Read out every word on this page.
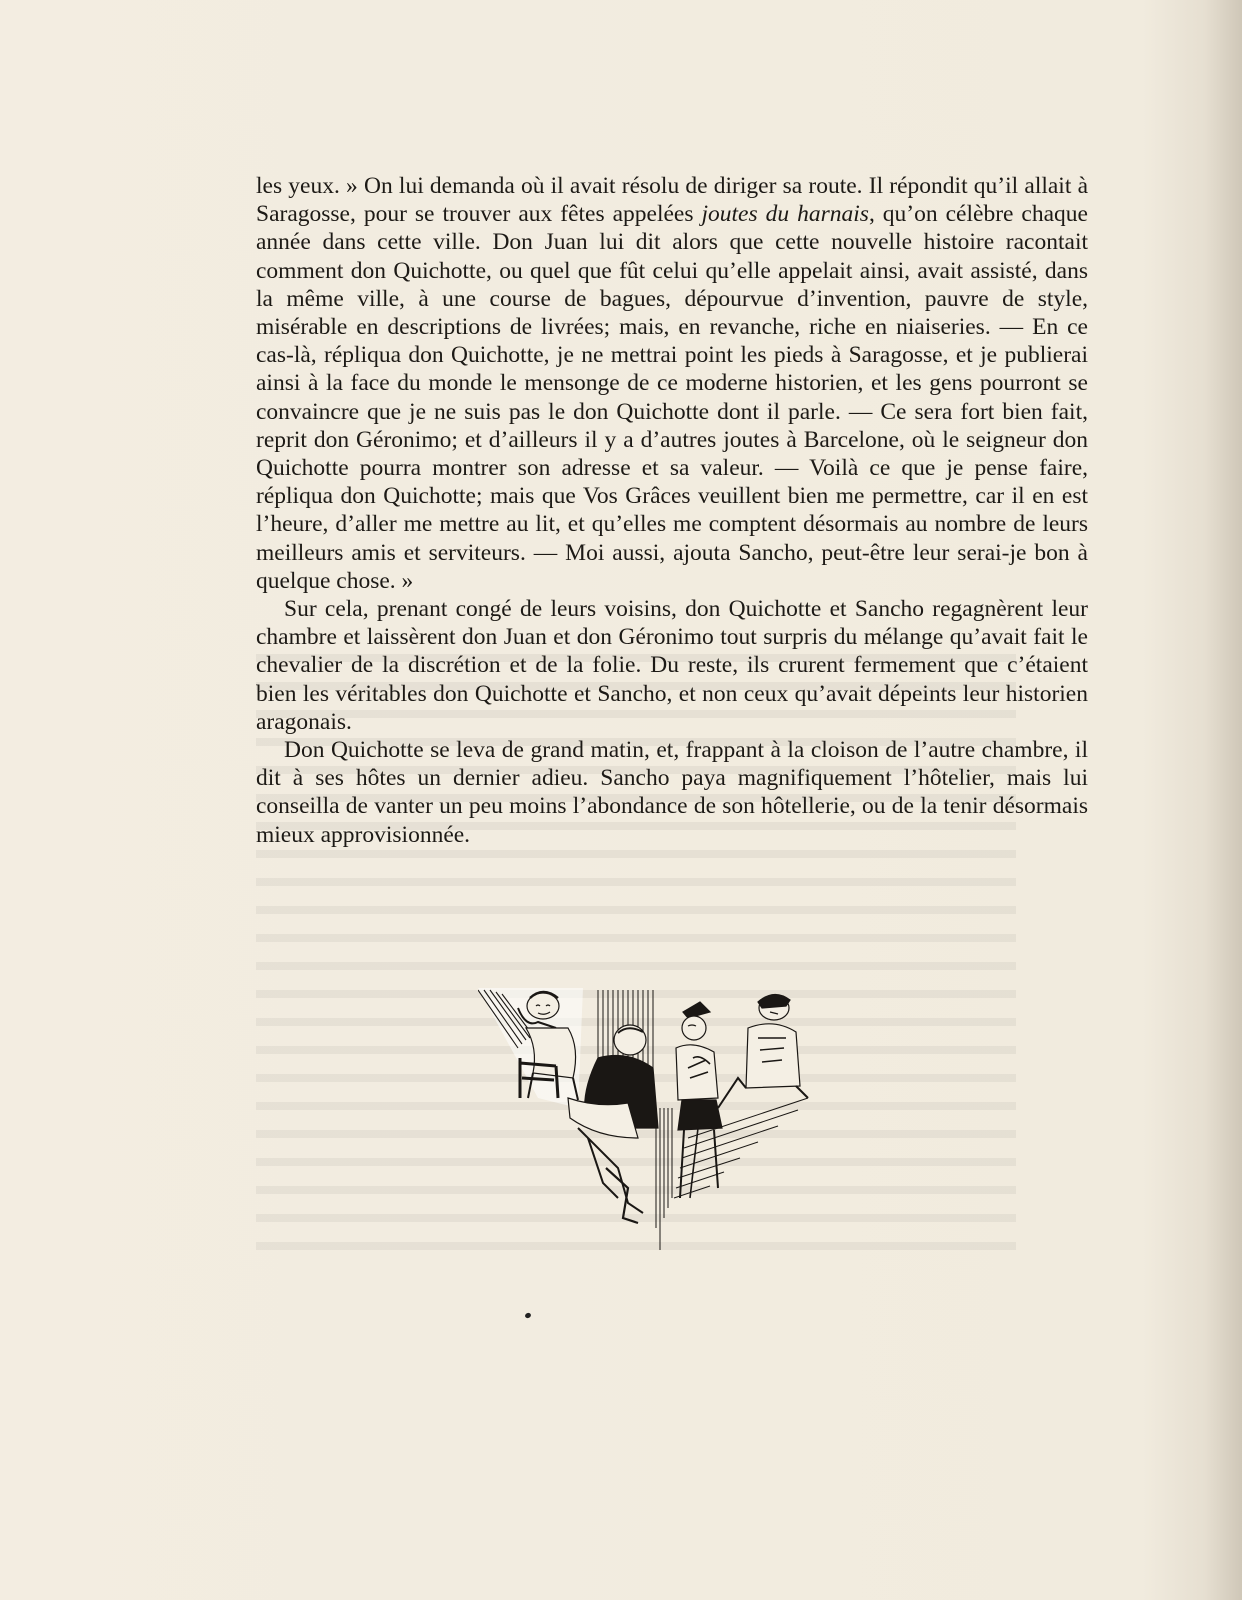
les yeux. » On lui demanda où il avait résolu de diriger sa route. Il répondit qu’il allait à Saragosse, pour se trouver aux fêtes appelées joutes du harnais, qu’on célèbre chaque année dans cette ville. Don Juan lui dit alors que cette nouvelle histoire racontait comment don Quichotte, ou quel que fût celui qu’elle appelait ainsi, avait assisté, dans la même ville, à une course de bagues, dépourvue d’invention, pauvre de style, misérable en descriptions de livrées; mais, en revanche, riche en niaiseries. — En ce cas-là, répliqua don Quichotte, je ne mettrai point les pieds à Saragosse, et je publierai ainsi à la face du monde le mensonge de ce moderne historien, et les gens pourront se convaincre que je ne suis pas le don Quichotte dont il parle. — Ce sera fort bien fait, reprit don Géronimo; et d’ailleurs il y a d’autres joutes à Barcelone, où le seigneur don Quichotte pourra montrer son adresse et sa valeur. — Voilà ce que je pense faire, répliqua don Quichotte; mais que Vos Grâces veuillent bien me permettre, car il en est l’heure, d’aller me mettre au lit, et qu’elles me comptent désormais au nombre de leurs meilleurs amis et serviteurs. — Moi aussi, ajouta Sancho, peut-être leur serai-je bon à quelque chose. »

Sur cela, prenant congé de leurs voisins, don Quichotte et Sancho regagnèrent leur chambre et laissèrent don Juan et don Géronimo tout surpris du mélange qu’avait fait le chevalier de la discrétion et de la folie. Du reste, ils crurent fermement que c’étaient bien les véritables don Quichotte et Sancho, et non ceux qu’avait dépeints leur historien aragonais.

Don Quichotte se leva de grand matin, et, frappant à la cloison de l’autre chambre, il dit à ses hôtes un dernier adieu. Sancho paya magnifiquement l’hôtelier, mais lui conseilla de vanter un peu moins l’abondance de son hôtellerie, ou de la tenir désormais mieux approvisionnée.
